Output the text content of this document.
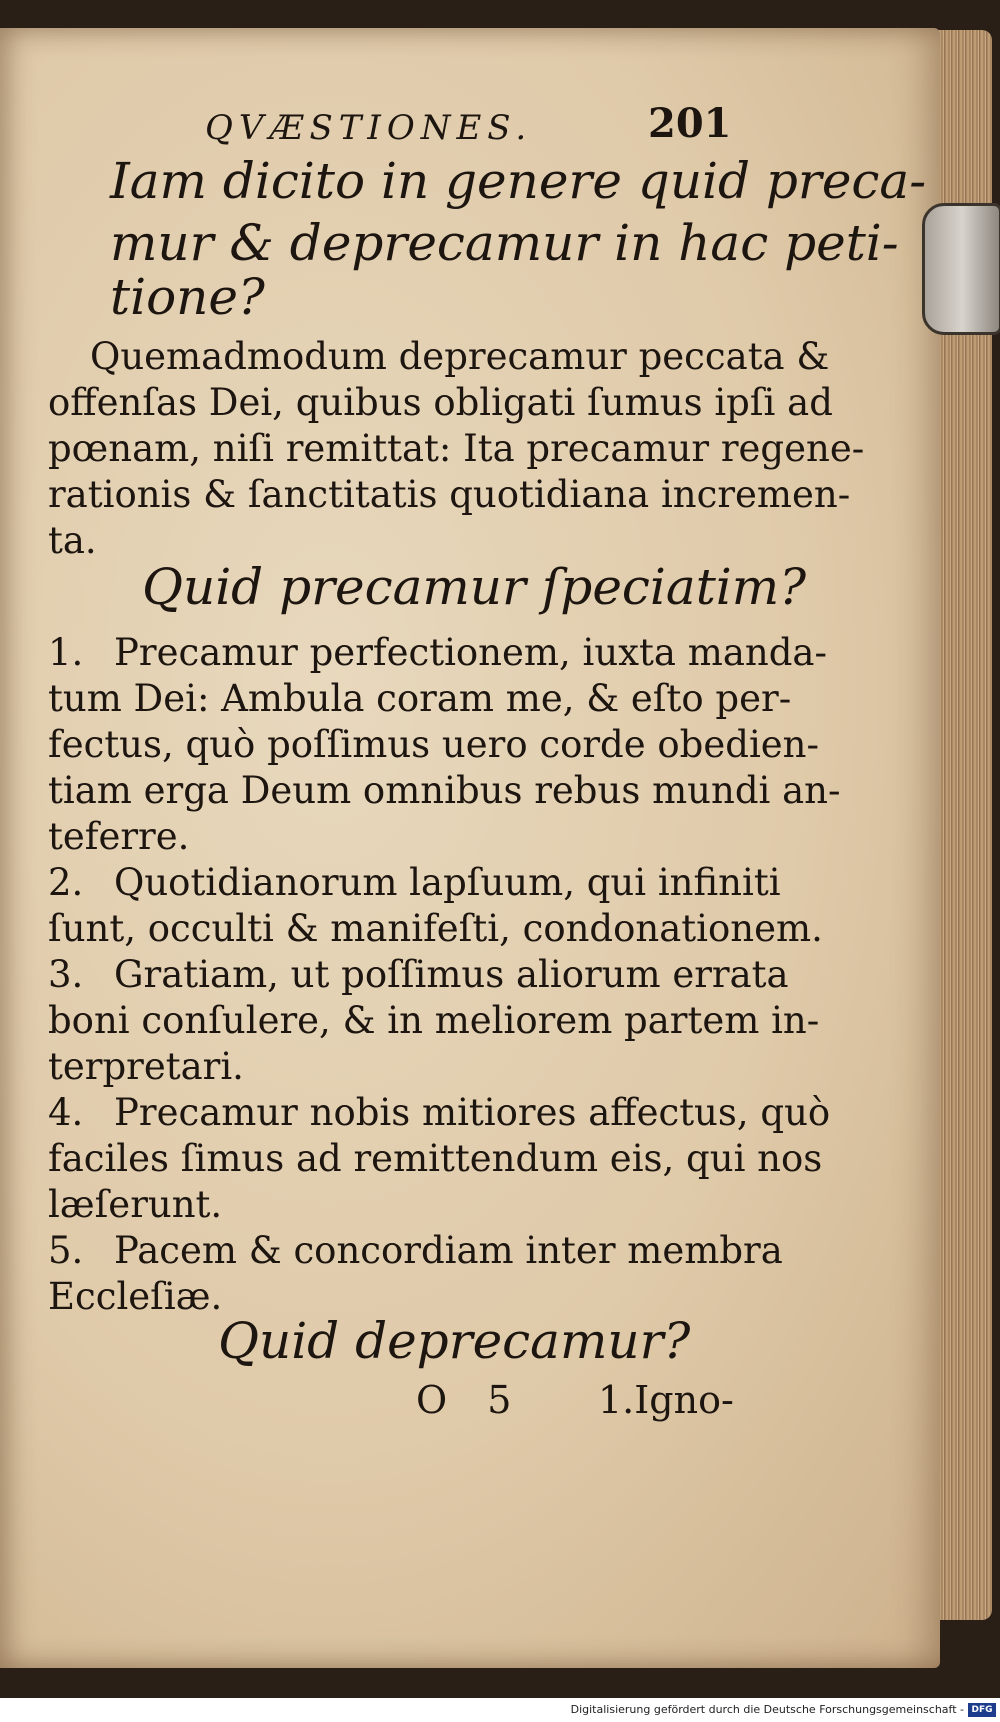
QVÆSTIONES.	201
Iam dicito in genere quid preca-
mur & deprecamur in hac peti-
tione?
Quemadmodum deprecamur peccata &
offenſas Dei, quibus obligati ſumus ipſi ad
pœnam, niſi remittat: Ita precamur regene-
rationis & ſanctitatis quotidiana incremen-
ta.
Quid precamur ſpeciatim?
1. Precamur perfectionem, iuxta manda-
tum Dei: Ambula coram me, & eſto per-
fectus, quò poſſimus uero corde obedien-
tiam erga Deum omnibus rebus mundi an-
teferre.
2. Quotidianorum lapſuum, qui infiniti
ſunt, occulti & manifeſti, condonationem.
3. Gratiam, ut poſſimus aliorum errata
boni conſulere, & in meliorem partem in-
terpretari.
4. Precamur nobis mitiores affectus, quò
faciles ſimus ad remittendum eis, qui nos
læſerunt.
5. Pacem & concordiam inter membra
Eccleſiæ.
Quid deprecamur?
O 5 1.Igno-
Digitalisierung gefördert durch die Deutsche Forschungsgemeinschaft - DFG
